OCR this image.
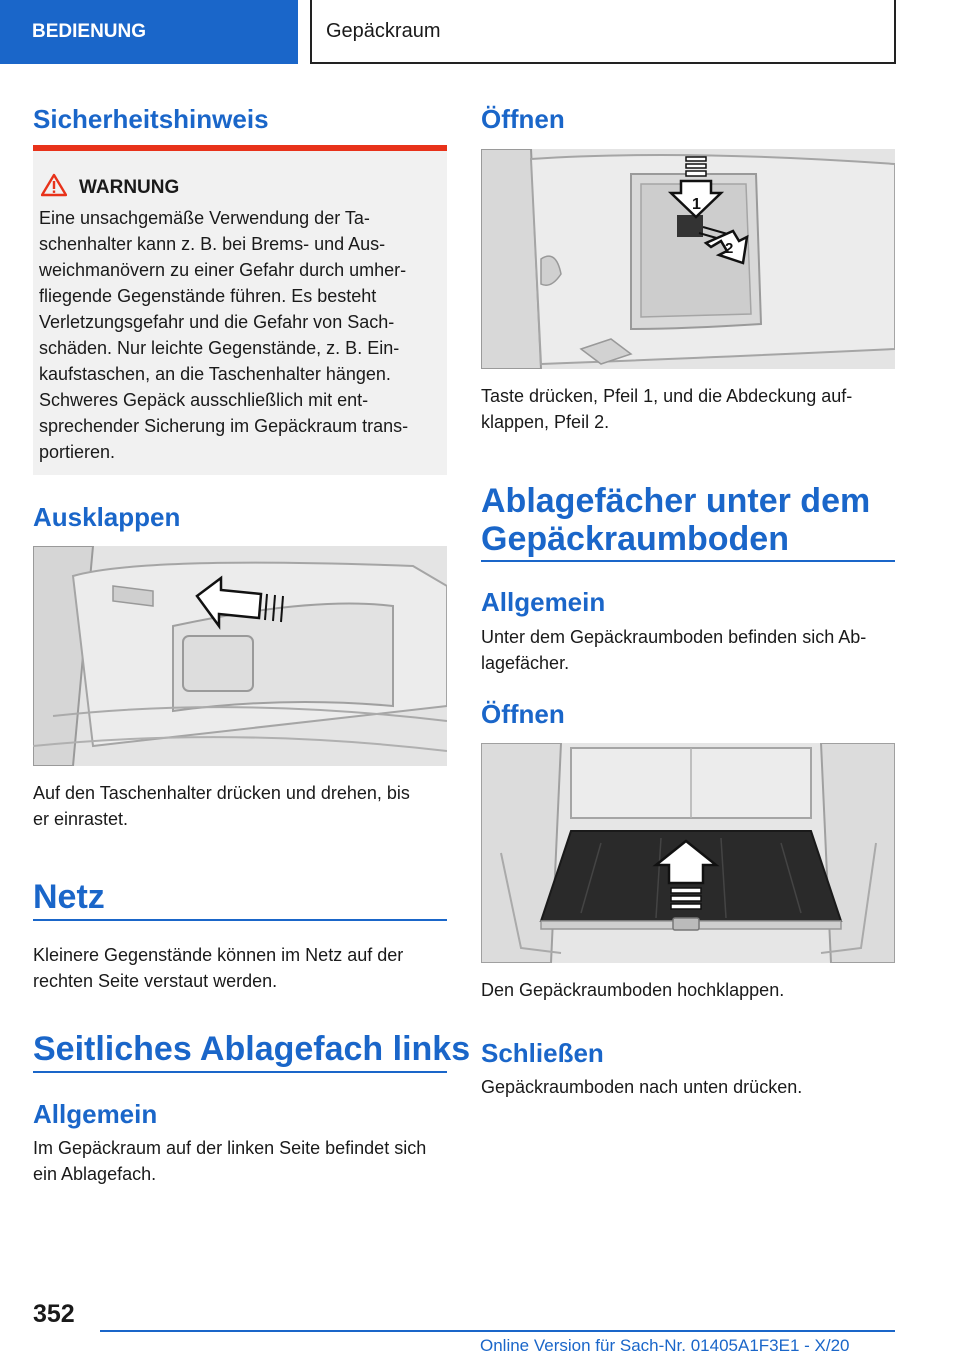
BEDIENUNG	Gepäckraum
Sicherheitshinweis
WARNUNG

Eine unsachgemäße Verwendung der Ta-
schenhalter kann z. B. bei Brems- und Aus-
weichmanövern zu einer Gefahr durch umher-
fliegende Gegenstände führen. Es besteht
Verletzungsgefahr und die Gefahr von Sach-
schäden. Nur leichte Gegenstände, z. B. Ein-
kaufstaschen, an die Taschenhalter hängen.
Schweres Gepäck ausschließlich mit ent-
sprechender Sicherung im Gepäckraum trans-
portieren.

Ausklappen

Auf den Taschenhalter drücken und drehen, bis
er einrastet.

Netz

Kleinere Gegenstände können im Netz auf der
rechten Seite verstaut werden.

Seitliches Ablagefach links
Allgemein

Im Gepäckraum auf der linken Seite befindet sich
ein Ablagefach.

Öffnen
1
2

Taste drücken, Pfeil 1, und die Abdeckung auf-
klappen, Pfeil 2.

Ablagefächer unter dem
Gepäckraumboden
Allgemein

Unter dem Gepäckraumboden befinden sich Ab-
lagefächer.

Öffnen

Den Gepäckraumboden hochklappen.

Schließen

Gepäckraumboden nach unten drücken.

352
Online Version für Sach-Nr. 01405A1F3E1 - X/20
